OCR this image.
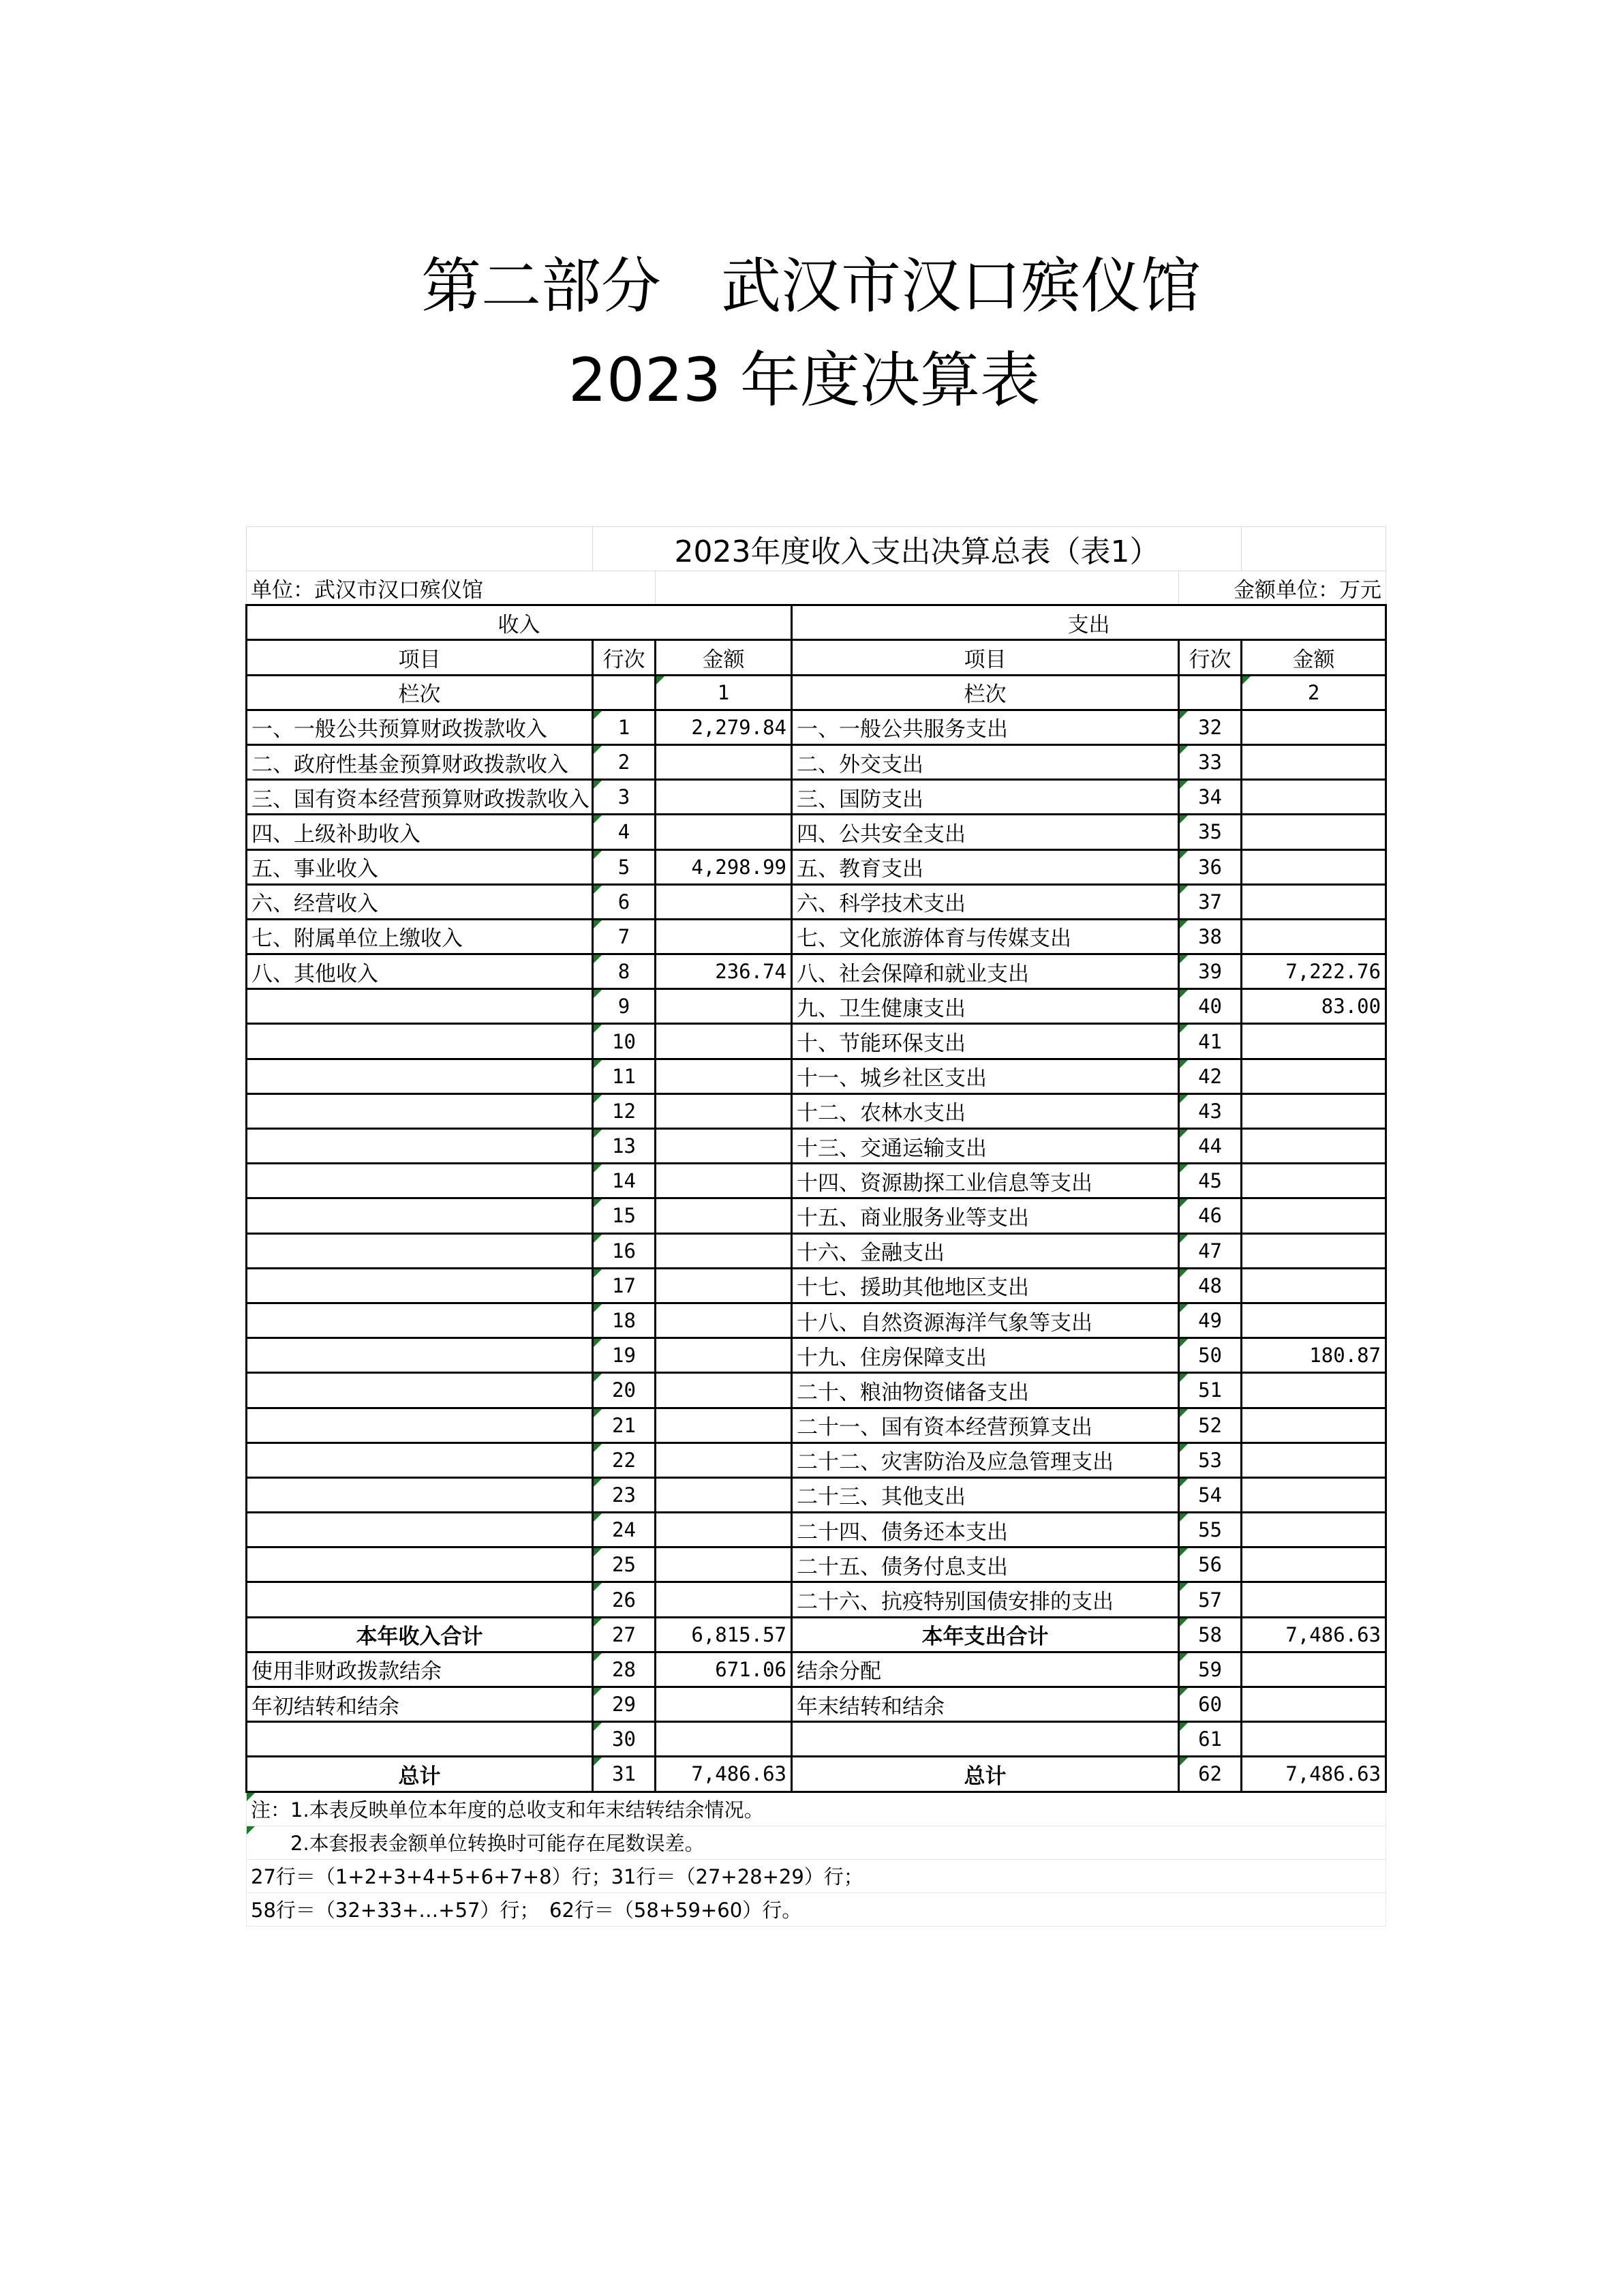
第二部分　武汉市汉口殡仪馆
2023 年度决算表
	2023年度收入支出决算总表（表1）				
单位：武汉市汉口殡仪馆				金额单位：万元	
收入			支出		
项目	行次	金额	项目	行次	金额
栏次		1	栏次		2
一、一般公共预算财政拨款收入	1	2,279.84	一、一般公共服务支出	32	
二、政府性基金预算财政拨款收入	2		二、外交支出	33	
三、国有资本经营预算财政拨款收入	3		三、国防支出	34	
四、上级补助收入	4		四、公共安全支出	35	
五、事业收入	5	4,298.99	五、教育支出	36	
六、经营收入	6		六、科学技术支出	37	
七、附属单位上缴收入	7		七、文化旅游体育与传媒支出	38	
八、其他收入	8	236.74	八、社会保障和就业支出	39	7,222.76
	9		九、卫生健康支出	40	83.00
	10		十、节能环保支出	41	
	11		十一、城乡社区支出	42	
	12		十二、农林水支出	43	
	13		十三、交通运输支出	44	
	14		十四、资源勘探工业信息等支出	45	
	15		十五、商业服务业等支出	46	
	16		十六、金融支出	47	
	17		十七、援助其他地区支出	48	
	18		十八、自然资源海洋气象等支出	49	
	19		十九、住房保障支出	50	180.87
	20		二十、粮油物资储备支出	51	
	21		二十一、国有资本经营预算支出	52	
	22		二十二、灾害防治及应急管理支出	53	
	23		二十三、其他支出	54	
	24		二十四、债务还本支出	55	
	25		二十五、债务付息支出	56	
	26		二十六、抗疫特别国债安排的支出	57	
本年收入合计	27	6,815.57	本年支出合计	58	7,486.63
使用非财政拨款结余	28	671.06	结余分配	59	
年初结转和结余	29		年末结转和结余	60	
	30			61	
总计	31	7,486.63	总计	62	7,486.63
注：1.本表反映单位本年度的总收支和年末结转结余情况。					
　　2.本套报表金额单位转换时可能存在尾数误差。					
27行＝（1+2+3+4+5+6+7+8）行；31行＝（27+28+29）行；					
58行＝（32+33+…+57）行；　62行＝（58+59+60）行。					
